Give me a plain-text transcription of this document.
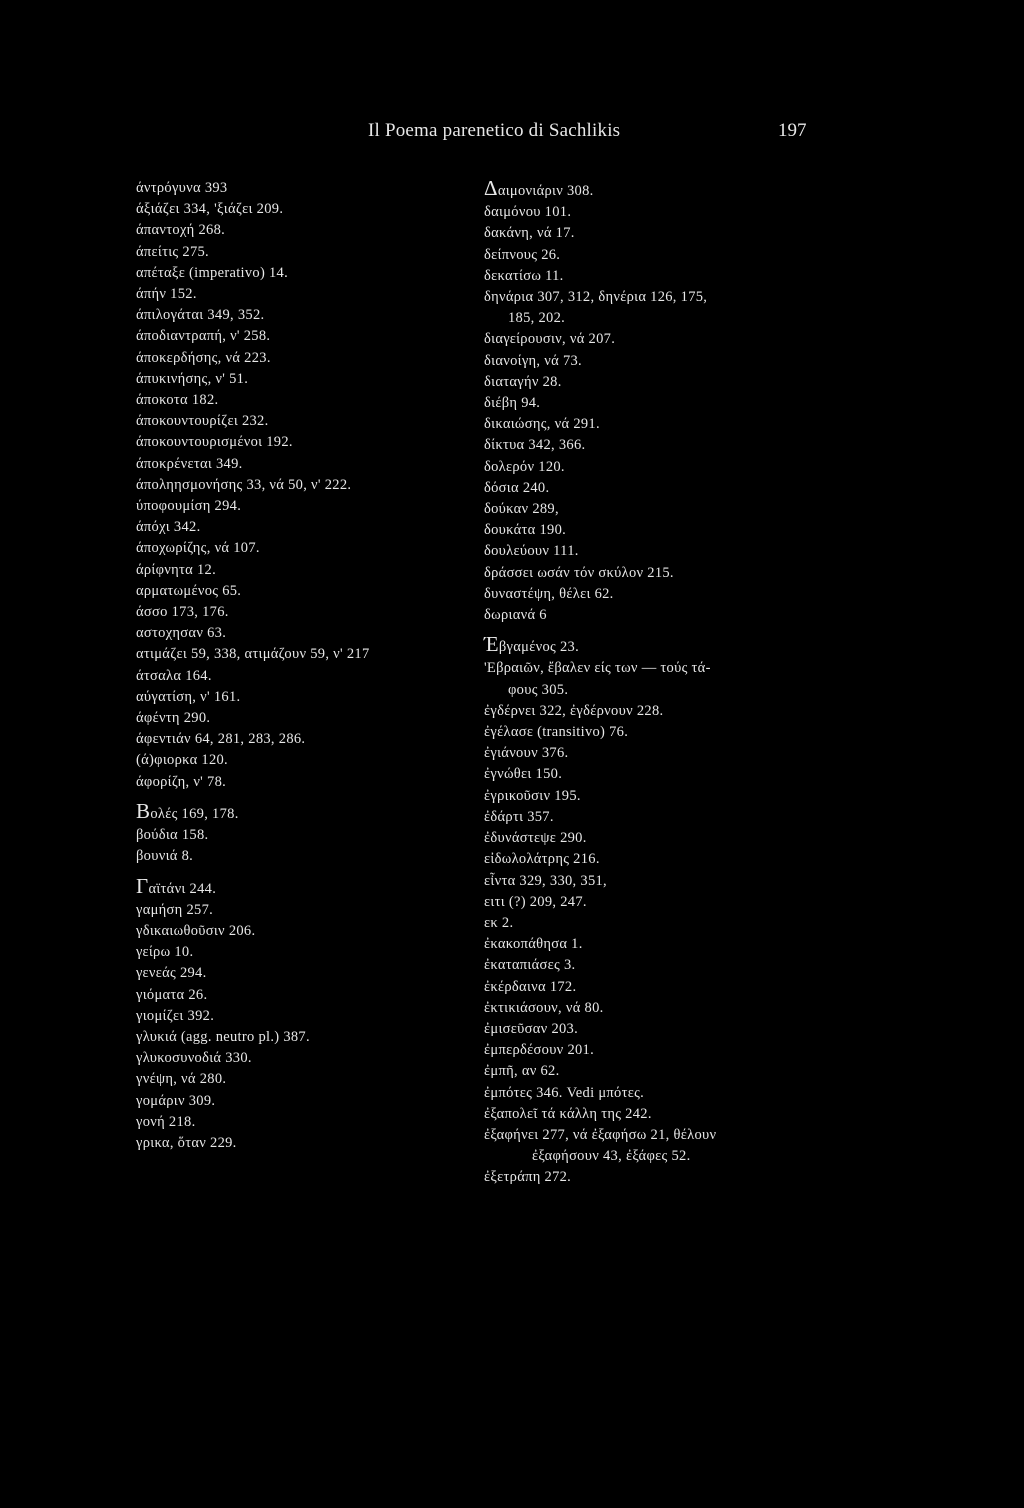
Il Poema parenetico di Sachlikis	197
άντρόγυνα 393
άξιάζει 334, 'ξιάζει 209.
άπαντοχή 268.
άπείτις 275.
απέταξε (imperativo) 14.
άπήν 152.
άπιλογάται 349, 352.
άποδιαντραπή, ν' 258.
άποκερδήσης, νά 223.
άπυκινήσης, ν' 51.
άποκοτα 182.
άποκουντουρίζει 232.
άποκουντουρισμένοι 192.
άποκρένεται 349.
άποληησμονήσης 33, νά 50, ν' 222.
ύποφουμίση 294.
άπόχι 342.
άποχωρίζης, νά 107.
άρίφνητα 12.
αρματωμένος 65.
άσσο 173, 176.
αστοχησαν 63.
ατιμάζει 59, 338, ατιμάζουν 59, ν' 217
άτσαλα 164.
αύγατίση, ν' 161.
άφέντη 290.
άφεντιάν 64, 281, 283, 286.
(ά)φιορκα 120.
άφορίζη, ν' 78.
Βολές 169, 178.
βούδια 158.
βουνιά 8.
Γαϊτάνι 244.
γαμήση 257.
γδικαιωθοῦσιν 206.
γείρω 10.
γενεάς 294.
γιόματα 26.
γιομίζει 392.
γλυκιά (agg. neutro pl.) 387.
γλυκοσυνοδιά 330.
γνέψη, νά 280.
γομάριν 309.
γονή 218.
γρικα, ὅταν 229.
Δαιμονιάριν 308.
δαιμόνου 101.
δακάνη, νά 17.
δείπνους 26.
δεκατίσω 11.
δηνάρια 307, 312, δηνέρια 126, 175,
185, 202.
διαγείρουσιν, νά 207.
διανοίγη, νά 73.
διαταγήν 28.
διέβη 94.
δικαιώσης, νά 291.
δίκτυα 342, 366.
δολερόν 120.
δόσια 240.
δούκαν 289,
δουκάτα 190.
δουλεύουν 111.
δράσσει ωσάν τόν σκύλον 215.
δυναστέψη, θέλει 62.
δωριανά 6
Έβγαμένος 23.
'Εβραιῶν, ἔβαλεν είς των — τούς τά-
φους 305.
ἐγδέρνει 322, ἐγδέρνουν 228.
ἐγέλασε (transitivo) 76.
ἐγιάνουν 376.
ἐγνώθει 150.
ἐγρικοῦσιν 195.
ἐδάρτι 357.
ἐδυνάστεψε 290.
εἰδωλολάτρης 216.
εἶντα 329, 330, 351,
ειτι (?) 209, 247.
εκ 2.
ἐκακοπάθησα 1.
ἐκαταπιάσες 3.
ἐκέρδαινα 172.
ἐκτικιάσουν, νά 80.
ἐμισεῦσαν 203.
ἐμπερδέσουν 201.
ἐμπῆ, αν 62.
ἐμπότες 346. Vedi μπότες.
ἐξαπολεῖ τά κάλλη της 242.
ἐξαφήνει 277, νά ἐξαφήσω 21, θέλουν
ἐξαφήσουν 43, ἐξάφες 52.
ἐξετράπη 272.
